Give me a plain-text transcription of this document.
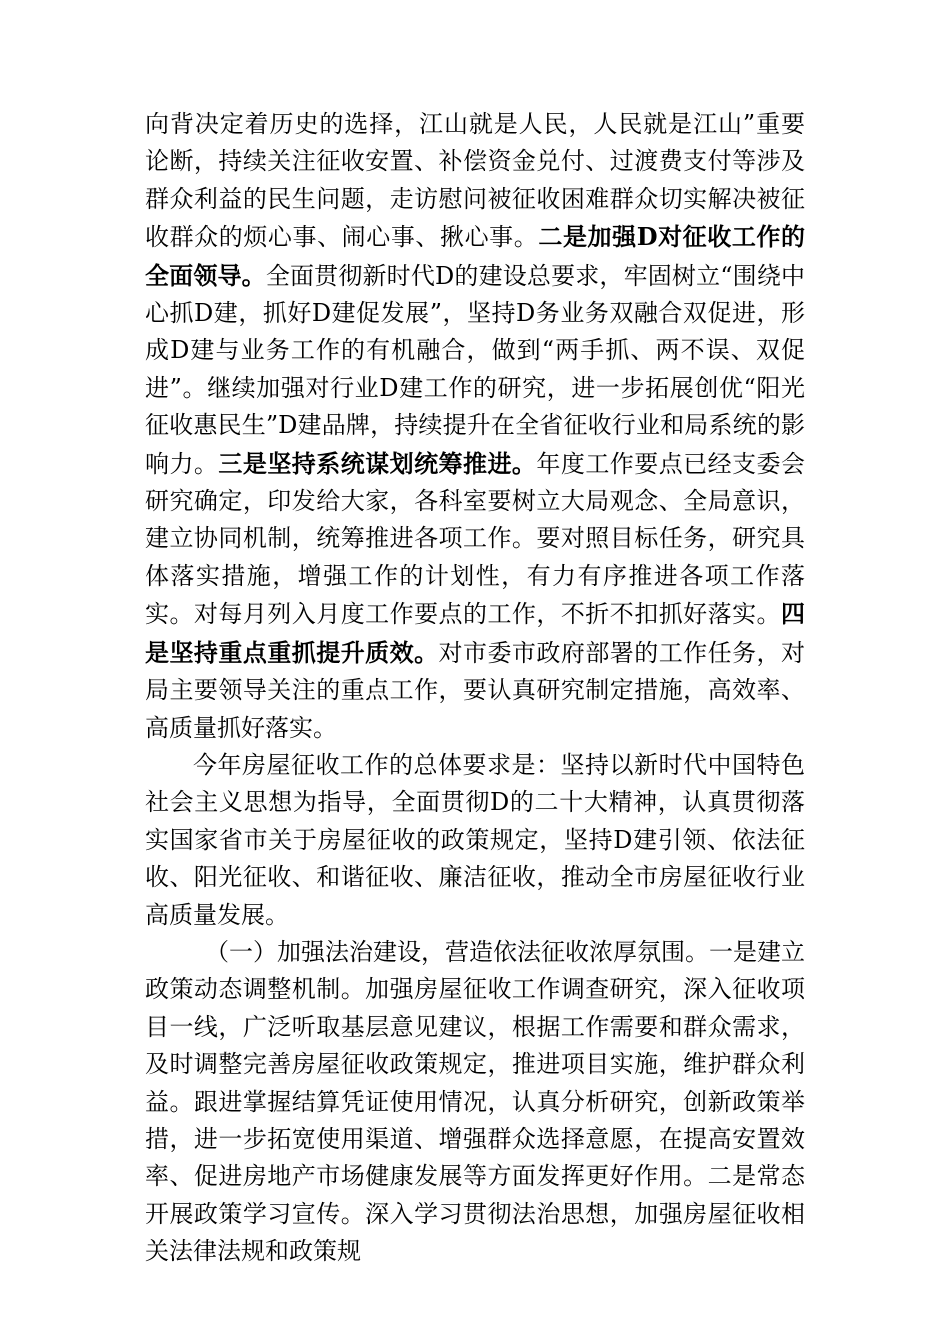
向背决定着历史的选择，江山就是人民，人民就是江山”重要论断，持续关注征收安置、补偿资金兑付、过渡费支付等涉及群众利益的民生问题，走访慰问被征收困难群众切实解决被征收群众的烦心事、闹心事、揪心事。二是加强D对征收工作的全面领导。全面贯彻新时代D的建设总要求，牢固树立“围绕中心抓D建，抓好D建促发展”，坚持D务业务双融合双促进，形成D建与业务工作的有机融合，做到“两手抓、两不误、双促进”。继续加强对行业D建工作的研究，进一步拓展创优“阳光征收惠民生”D建品牌，持续提升在全省征收行业和局系统的影响力。三是坚持系统谋划统筹推进。年度工作要点已经支委会研究确定，印发给大家，各科室要树立大局观念、全局意识，建立协同机制，统筹推进各项工作。要对照目标任务，研究具体落实措施，增强工作的计划性，有力有序推进各项工作落实。对每月列入月度工作要点的工作，不折不扣抓好落实。四是坚持重点重抓提升质效。对市委市政府部署的工作任务，对局主要领导关注的重点工作，要认真研究制定措施，高效率、高质量抓好落实。

今年房屋征收工作的总体要求是：坚持以新时代中国特色社会主义思想为指导，全面贯彻D的二十大精神，认真贯彻落实国家省市关于房屋征收的政策规定，坚持D建引领、依法征收、阳光征收、和谐征收、廉洁征收，推动全市房屋征收行业高质量发展。

（一）加强法治建设，营造依法征收浓厚氛围。一是建立政策动态调整机制。加强房屋征收工作调查研究，深入征收项目一线，广泛听取基层意见建议，根据工作需要和群众需求，及时调整完善房屋征收政策规定，推进项目实施，维护群众利益。跟进掌握结算凭证使用情况，认真分析研究，创新政策举措，进一步拓宽使用渠道、增强群众选择意愿，在提高安置效率、促进房地产市场健康发展等方面发挥更好作用。二是常态开展政策学习宣传。深入学习贯彻法治思想，加强房屋征收相关法律法规和政策规
